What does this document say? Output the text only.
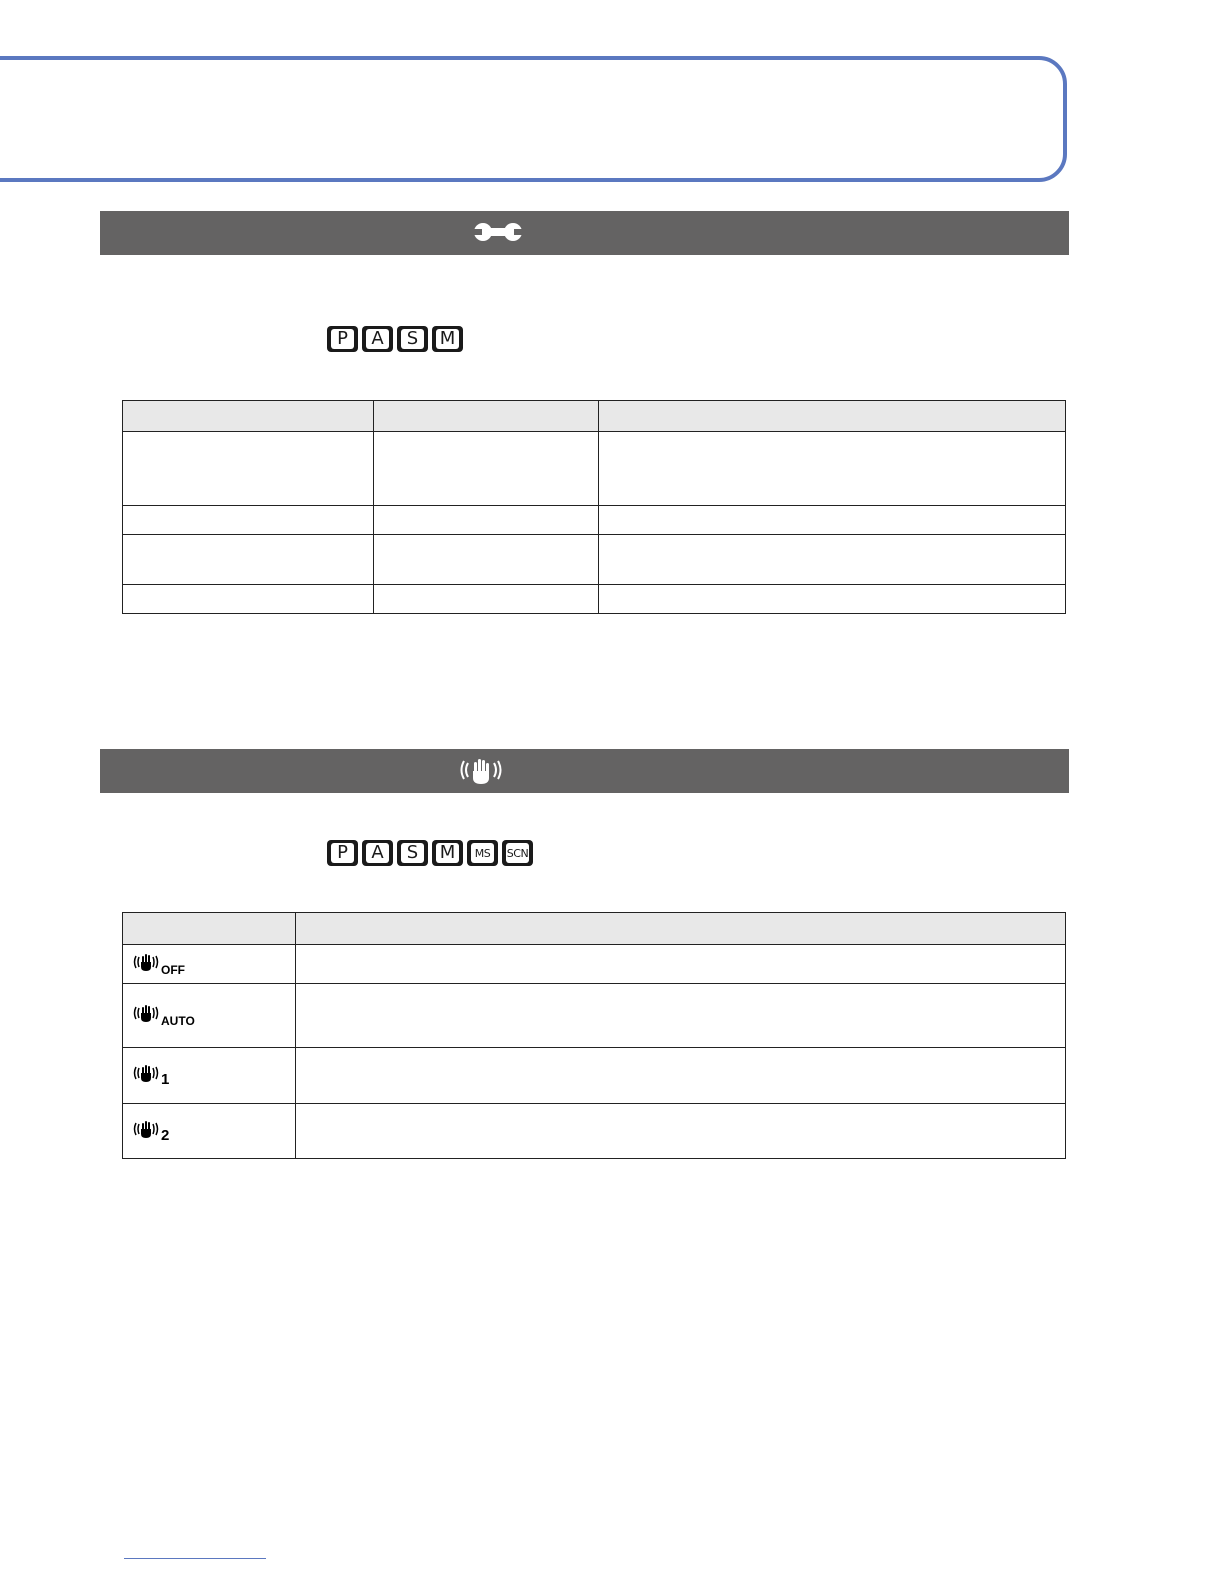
P	A	S	M

P	A	S	M	MS	SCN

OFF	

AUTO	

1	

2	
